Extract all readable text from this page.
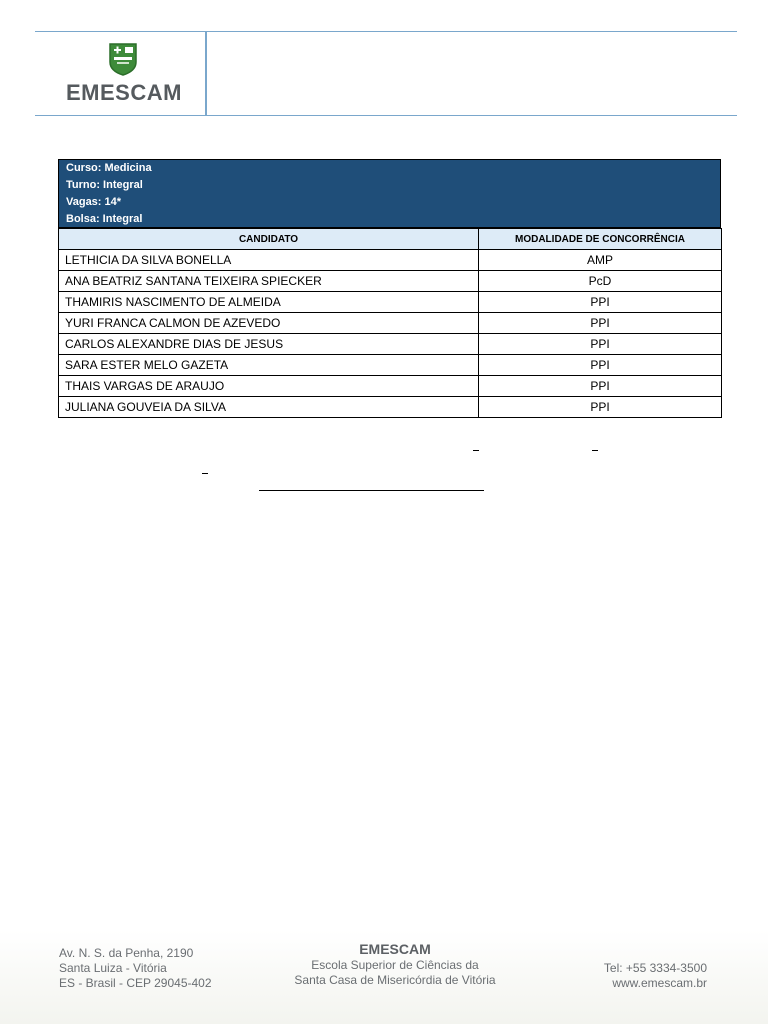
EMESCAM
Curso: Medicina
Turno: Integral
Vagas: 14*
Bolsa: Integral
CANDIDATO	MODALIDADE DE CONCORRÊNCIA
LETHICIA DA SILVA BONELLA	AMP
ANA BEATRIZ SANTANA TEIXEIRA SPIECKER	PcD
THAMIRIS NASCIMENTO DE ALMEIDA	PPI
YURI FRANCA CALMON DE AZEVEDO	PPI
CARLOS ALEXANDRE DIAS DE JESUS	PPI
SARA ESTER MELO GAZETA	PPI
THAIS VARGAS DE ARAUJO	PPI
JULIANA GOUVEIA DA SILVA	PPI
Av. N. S. da Penha, 2190
Santa Luiza - Vitória
ES - Brasil - CEP 29045-402
EMESCAM
Escola Superior de Ciências da
Santa Casa de Misericórdia de Vitória
Tel: +55 3334-3500
www.emescam.br
